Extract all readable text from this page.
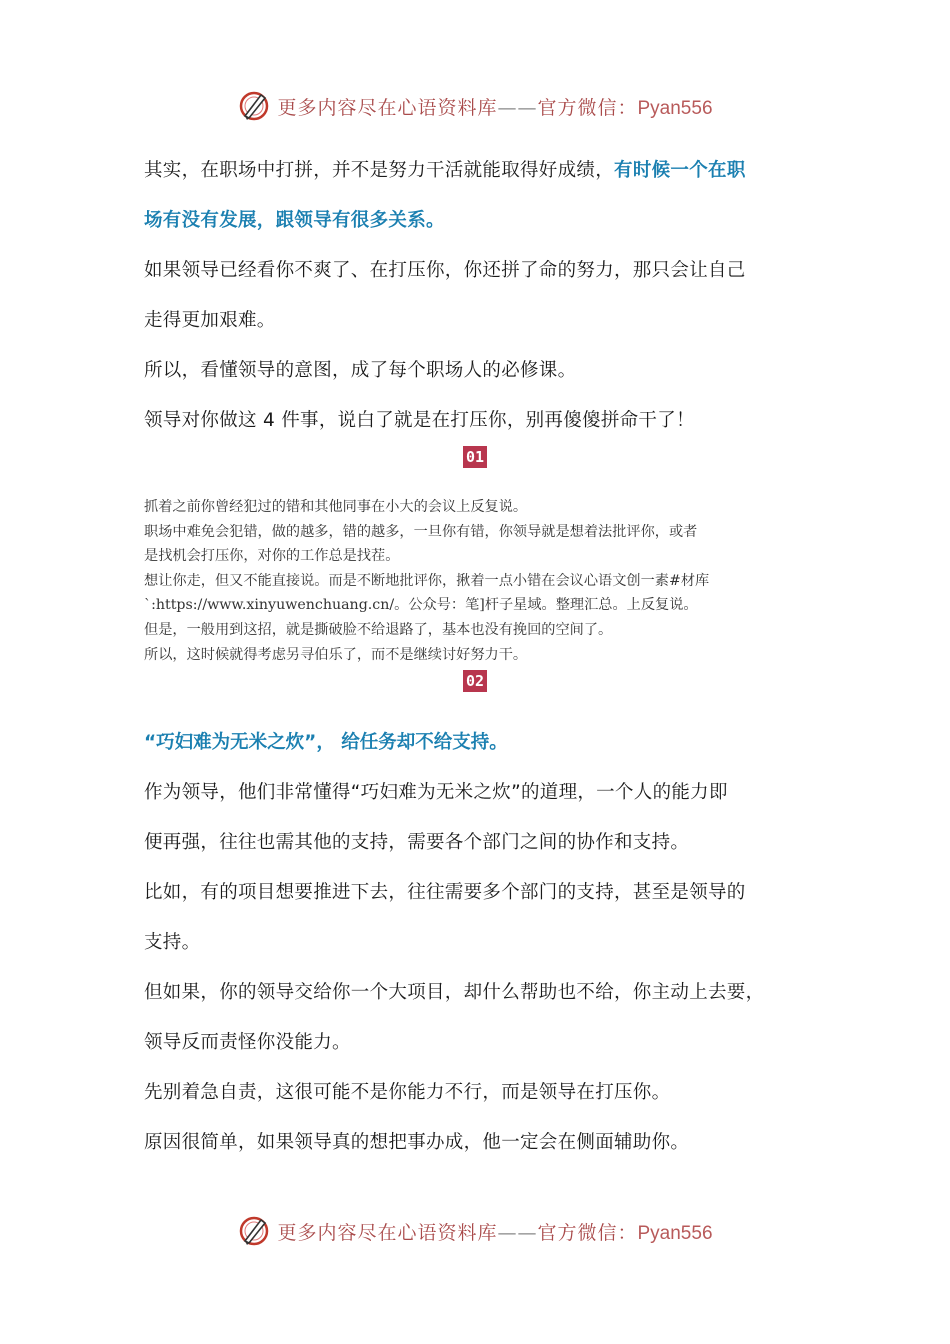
更多内容尽在心语资料库——官方微信：Pyan556

其实，在职场中打拼，并不是努力干活就能取得好成绩，有时候一个在职

场有没有发展，跟领导有很多关系。

如果领导已经看你不爽了、在打压你，你还拼了命的努力，那只会让自己

走得更加艰难。

所以，看懂领导的意图，成了每个职场人的必修课。

领导对你做这 4 件事，说白了就是在打压你，别再傻傻拼命干了！

01

抓着之前你曾经犯过的错和其他同事在小大的会议上反复说。

职场中难免会犯错，做的越多，错的越多，一旦你有错，你领导就是想着法批评你，或者

是找机会打压你，对你的工作总是找茬。

想让你走，但又不能直接说。而是不断地批评你，揪着一点小错在会议心语文创一素#材库

`:https://www.xinyuwenchuang.cn/。公众号：笔]杆子星域。整理汇总。上反复说。

但是，一般用到这招，就是撕破脸不给退路了，基本也没有挽回的空间了。

所以，这时候就得考虑另寻伯乐了，而不是继续讨好努力干。

02

“巧妇难为无米之炊”， 给任务却不给支持。

作为领导，他们非常懂得“巧妇难为无米之炊”的道理，一个人的能力即

便再强，往往也需其他的支持，需要各个部门之间的协作和支持。

比如，有的项目想要推进下去，往往需要多个部门的支持，甚至是领导的

支持。

但如果，你的领导交给你一个大项目，却什么帮助也不给，你主动上去要，

领导反而责怪你没能力。

先别着急自责，这很可能不是你能力不行，而是领导在打压你。

原因很简单，如果领导真的想把事办成，他一定会在侧面辅助你。

更多内容尽在心语资料库——官方微信：Pyan556
